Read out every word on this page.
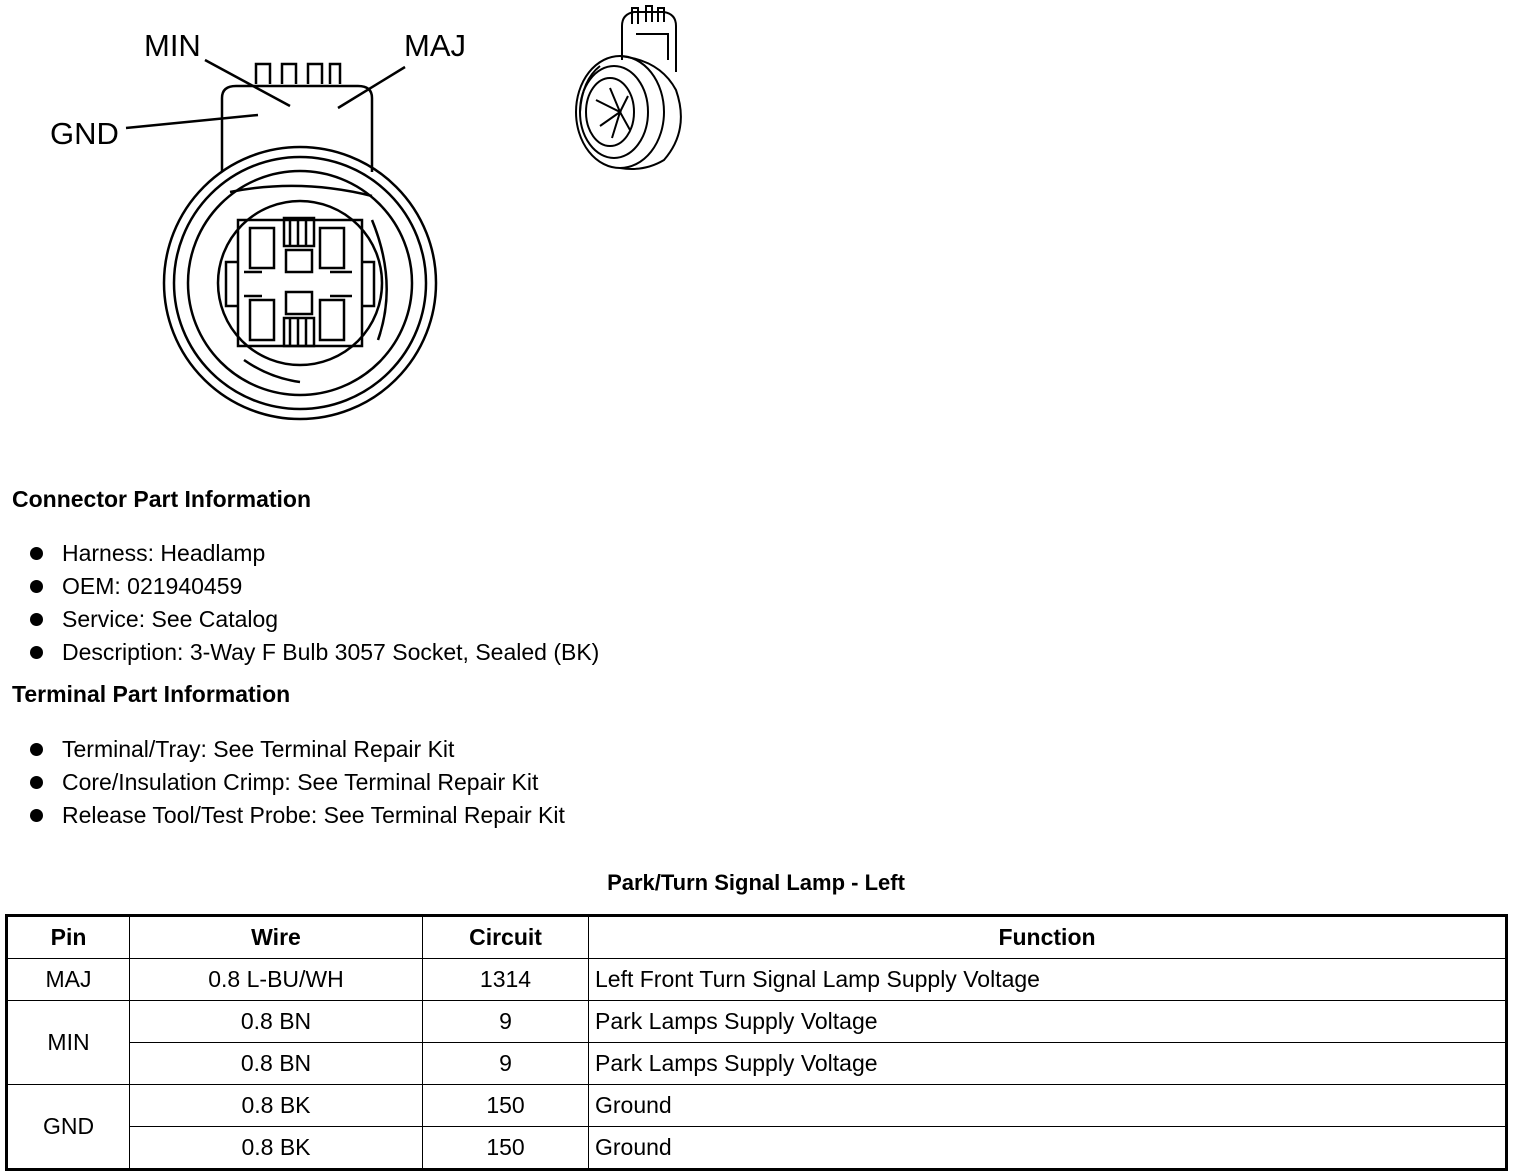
MIN	MAJ
GND
Connector Part Information
Harness: Headlamp
OEM: 021940459
Service: See Catalog
Description: 3-Way F Bulb 3057 Socket, Sealed (BK)
Terminal Part Information
Terminal/Tray: See Terminal Repair Kit
Core/Insulation Crimp: See Terminal Repair Kit
Release Tool/Test Probe: See Terminal Repair Kit
Park/Turn Signal Lamp - Left
Pin	Wire	Circuit	Function
MAJ	0.8 L-BU/WH	1314	Left Front Turn Signal Lamp Supply Voltage
MIN	0.8 BN	9	Park Lamps Supply Voltage
	0.8 BN	9	Park Lamps Supply Voltage
GND	0.8 BK	150	Ground
	0.8 BK	150	Ground
